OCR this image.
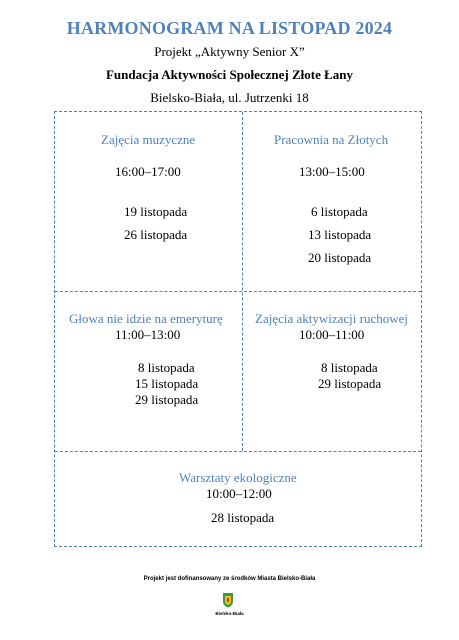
HARMONOGRAM NA LISTOPAD 2024
Projekt „Aktywny Senior X”
Fundacja Aktywności Społecznej Złote Łany
Bielsko-Biała, ul. Jutrzenki 18
Zajęcia muzyczne
16:00–17:00
19 listopada
26 listopada
Pracownia na Złotych
13:00–15:00
6 listopada
13 listopada
20 listopada
Głowa nie idzie na emeryturę
11:00–13:00
8 listopada
15 listopada
29 listopada
Zajęcia aktywizacji ruchowej
10:00–11:00
8 listopada
29 listopada
Warsztaty ekologiczne
10:00–12:00
28 listopada
Projekt jest dofinansowany ze środków Miasta Bielsko-Biała
Bielsko-Biała
